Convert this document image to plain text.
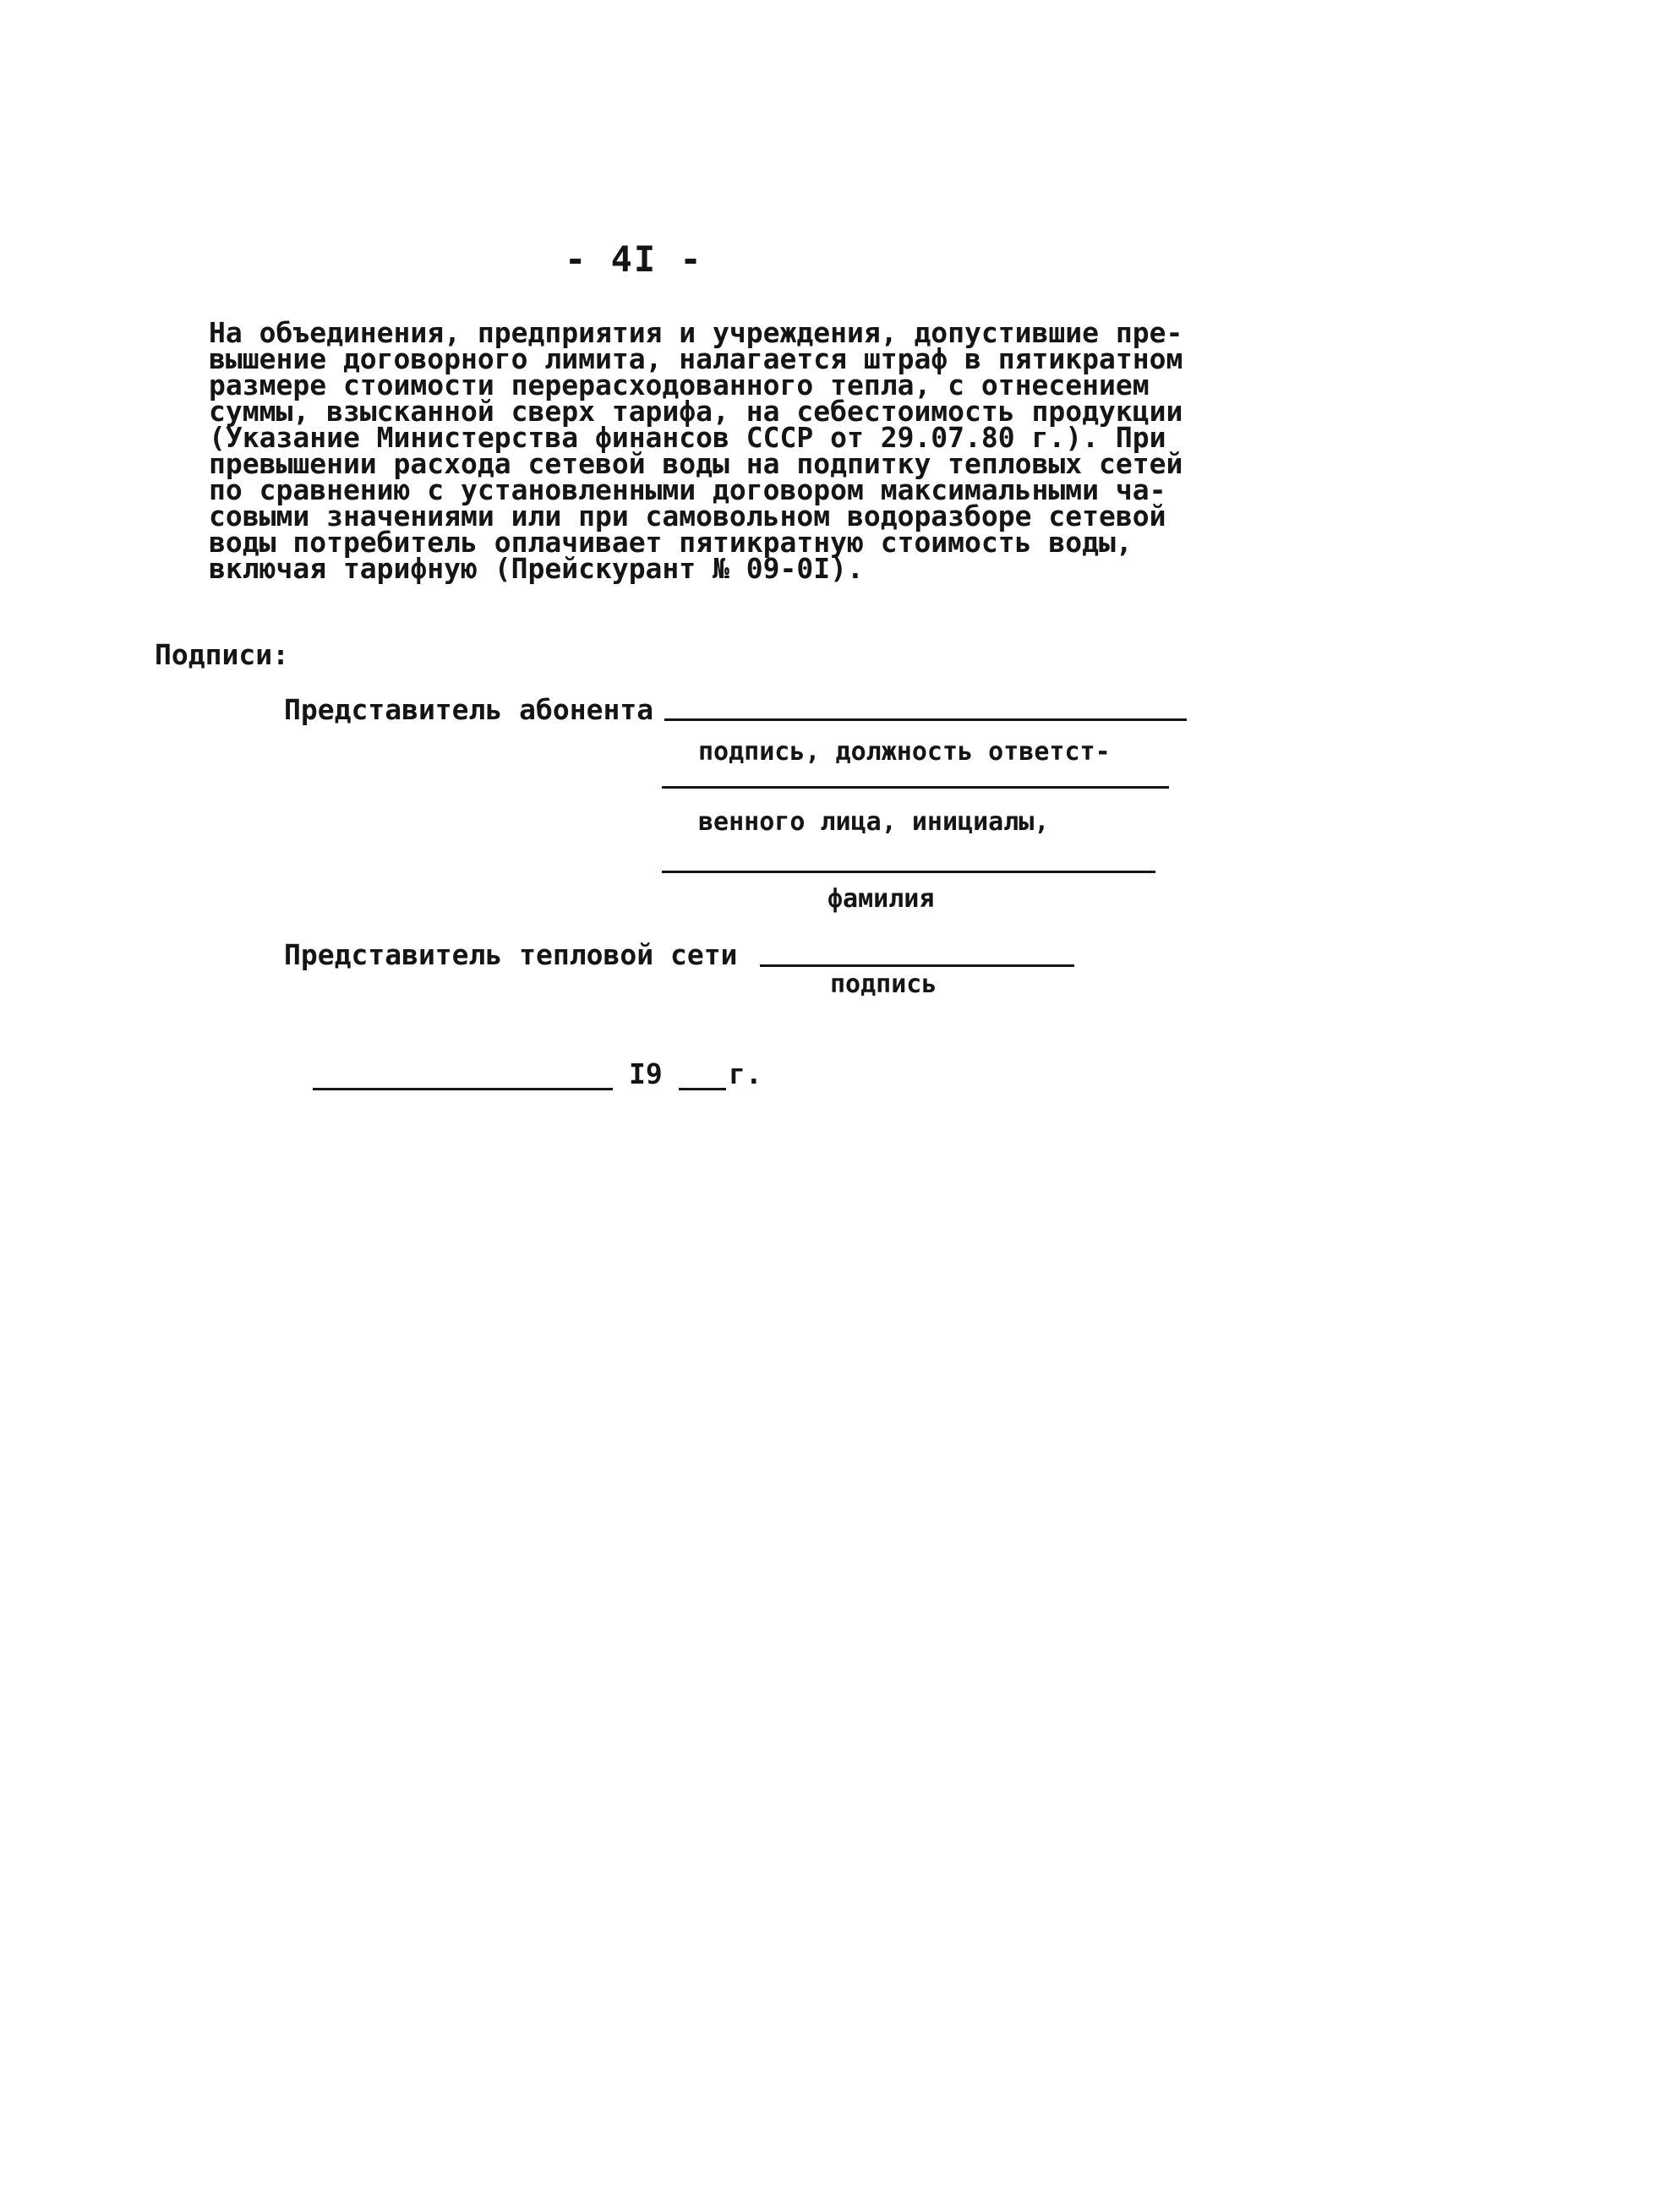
- 4I -
На объединения, предприятия и учреждения, допустившие пре-
вышение договорного лимита, налагается штраф в пятикратном
размере стоимости перерасходованного тепла, с отнесением
суммы, взысканной сверх тарифа, на себестоимость продукции
(Указание Министерства финансов СССР от 29.07.80 г.). При
превышении расхода сетевой воды на подпитку тепловых сетей
по сравнению с установленными договором максимальными ча-
совыми значениями или при самовольном водоразборе сетевой
воды потребитель оплачивает пятикратную стоимость воды,
включая тарифную (Прейскурант № 09-0I).
Подписи:
Представитель абонента
подпись, должность ответст-
венного лица, инициалы,
фамилия
Представитель тепловой сети
подпись
I9 г.
